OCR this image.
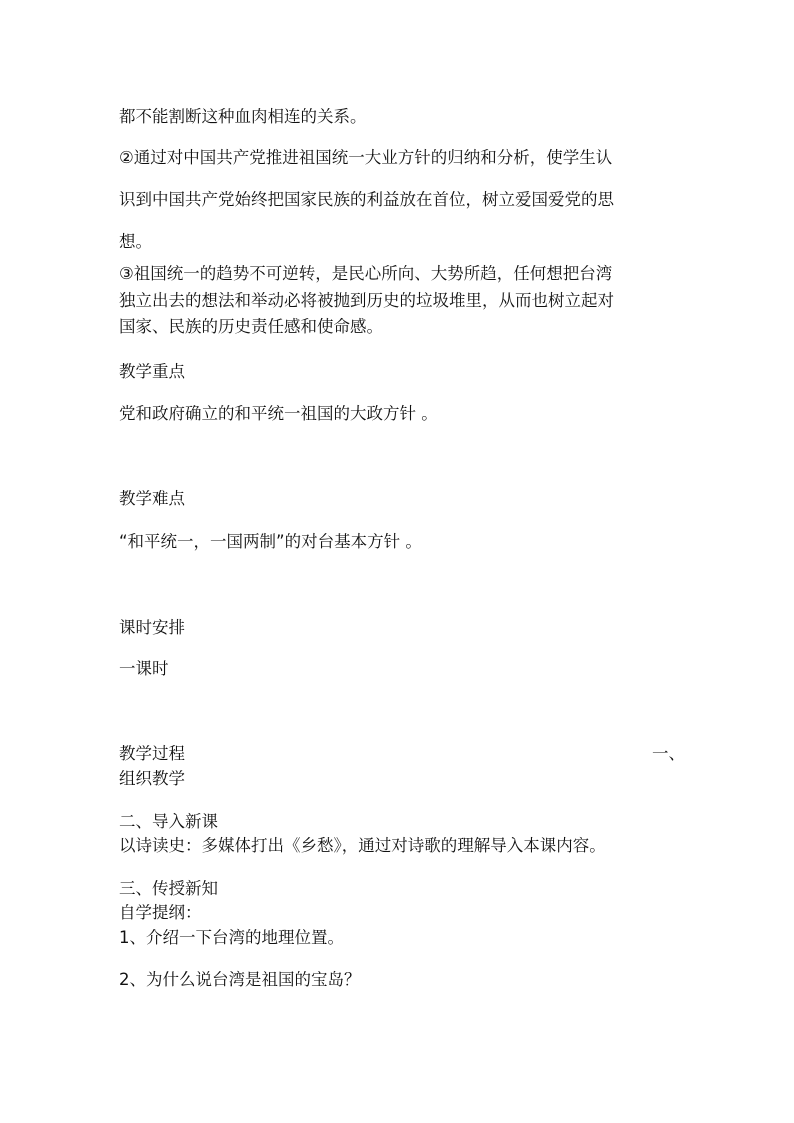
都不能割断这种血肉相连的关系。
②通过对中国共产党推进祖国统一大业方针的归纳和分析，使学生认
识到中国共产党始终把国家民族的利益放在首位，树立爱国爱党的思
想。
③祖国统一的趋势不可逆转，是民心所向、大势所趋，任何想把台湾
独立出去的想法和举动必将被抛到历史的垃圾堆里，从而也树立起对
国家、民族的历史责任感和使命感。
教学重点
党和政府确立的和平统一祖国的大政方针 。
教学难点
“和平统一，一国两制”的对台基本方针 。
课时安排
一课时
教学过程	一、
组织教学
二、导入新课
以诗读史：多媒体打出《乡愁》，通过对诗歌的理解导入本课内容。
三、传授新知
自学提纲：
1、介绍一下台湾的地理位置。
2、为什么说台湾是祖国的宝岛？
